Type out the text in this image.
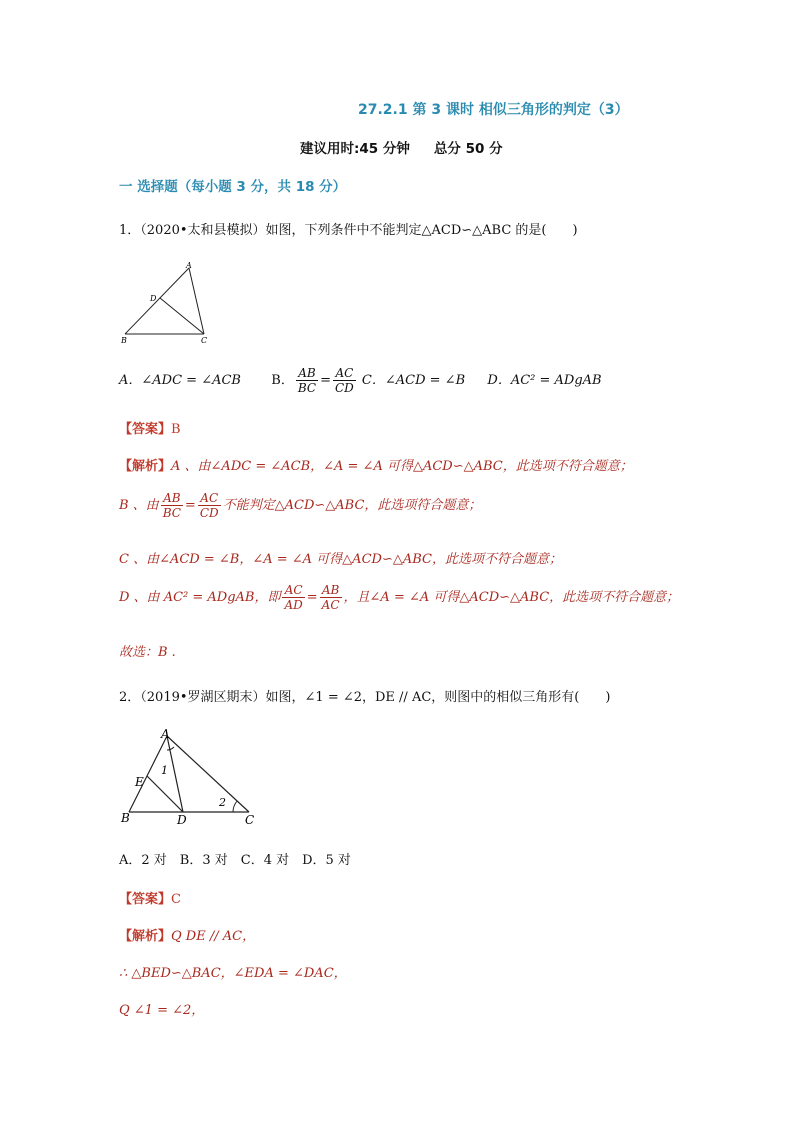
27.2.1 第 3 课时 相似三角形的判定（3）
建议用时:45 分钟 总分 50 分
一 选择题（每小题 3 分，共 18 分）
1．（2020•太和县模拟）如图，下列条件中不能判定△ACD∽△ABC 的是(　　)
A
D
B	C
A．∠ADC = ∠ACB B． $\frac{AB}{BC} = \frac{AC}{CD}$ C．∠ACD = ∠B D．AC² = ADgAB
【答案】B
【解析】A 、由∠ADC = ∠ACB，∠A = ∠A 可得△ACD∽△ABC，此选项不符合题意；
B 、由 $\frac{AB}{BC} = \frac{AC}{CD}$ 不能判定△ACD∽△ABC，此选项符合题意；
C 、由∠ACD = ∠B，∠A = ∠A 可得△ACD∽△ABC，此选项不符合题意；
D 、由 AC² = ADgAB，即 $\frac{AC}{AD} = \frac{AB}{AC}$ ，且∠A = ∠A 可得△ACD∽△ABC，此选项不符合题意；
故选：B .
2．（2019•罗湖区期末）如图，∠1 = ∠2，DE // AC，则图中的相似三角形有(　　)
A
E
B	D	C
1
2
A．2 对　B．3 对　C．4 对　D．5 对
【答案】C
【解析】Q DE // AC，
∴ △BED∽△BAC，∠EDA = ∠DAC，
Q ∠1 = ∠2，
